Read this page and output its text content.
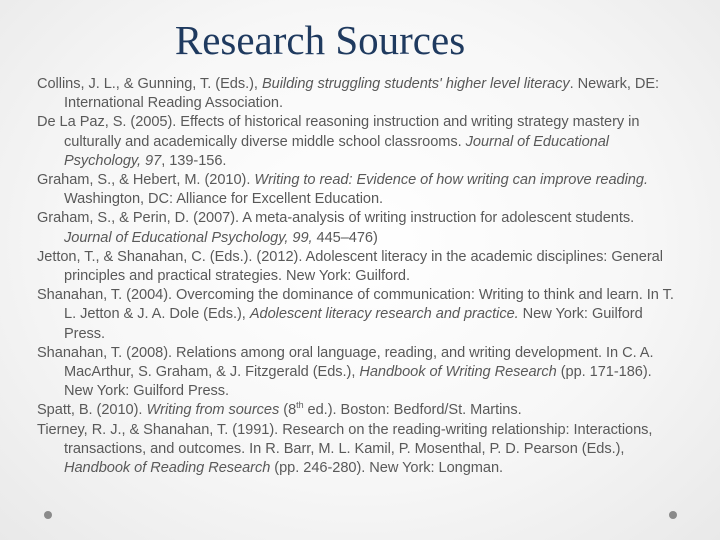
Research Sources

Collins, J. L., & Gunning, T. (Eds.), Building struggling students' higher level literacy. Newark, DE: International Reading Association.

De La Paz, S. (2005). Effects of historical reasoning instruction and writing strategy mastery in culturally and academically diverse middle school classrooms. Journal of Educational Psychology, 97, 139-156.

Graham, S., & Hebert, M. (2010). Writing to read: Evidence of how writing can improve reading. Washington, DC: Alliance for Excellent Education.

Graham, S., & Perin, D. (2007). A meta-analysis of writing instruction for adolescent students. Journal of Educational Psychology, 99, 445–476)

Jetton, T., & Shanahan, C. (Eds.). (2012). Adolescent literacy in the academic disciplines: General principles and practical strategies. New York: Guilford.

Shanahan, T. (2004). Overcoming the dominance of communication: Writing to think and learn. In T. L. Jetton & J. A. Dole (Eds.), Adolescent literacy research and practice. New York: Guilford Press.

Shanahan, T. (2008). Relations among oral language, reading, and writing development. In C. A. MacArthur, S. Graham, & J. Fitzgerald (Eds.), Handbook of Writing Research (pp. 171-186). New York: Guilford Press.

Spatt, B. (2010). Writing from sources (8th ed.). Boston: Bedford/St. Martins.

Tierney, R. J., & Shanahan, T. (1991). Research on the reading-writing relationship: Interactions, transactions, and outcomes. In R. Barr, M. L. Kamil, P. Mosenthal, P. D. Pearson (Eds.), Handbook of Reading Research (pp. 246-280). New York: Longman.
